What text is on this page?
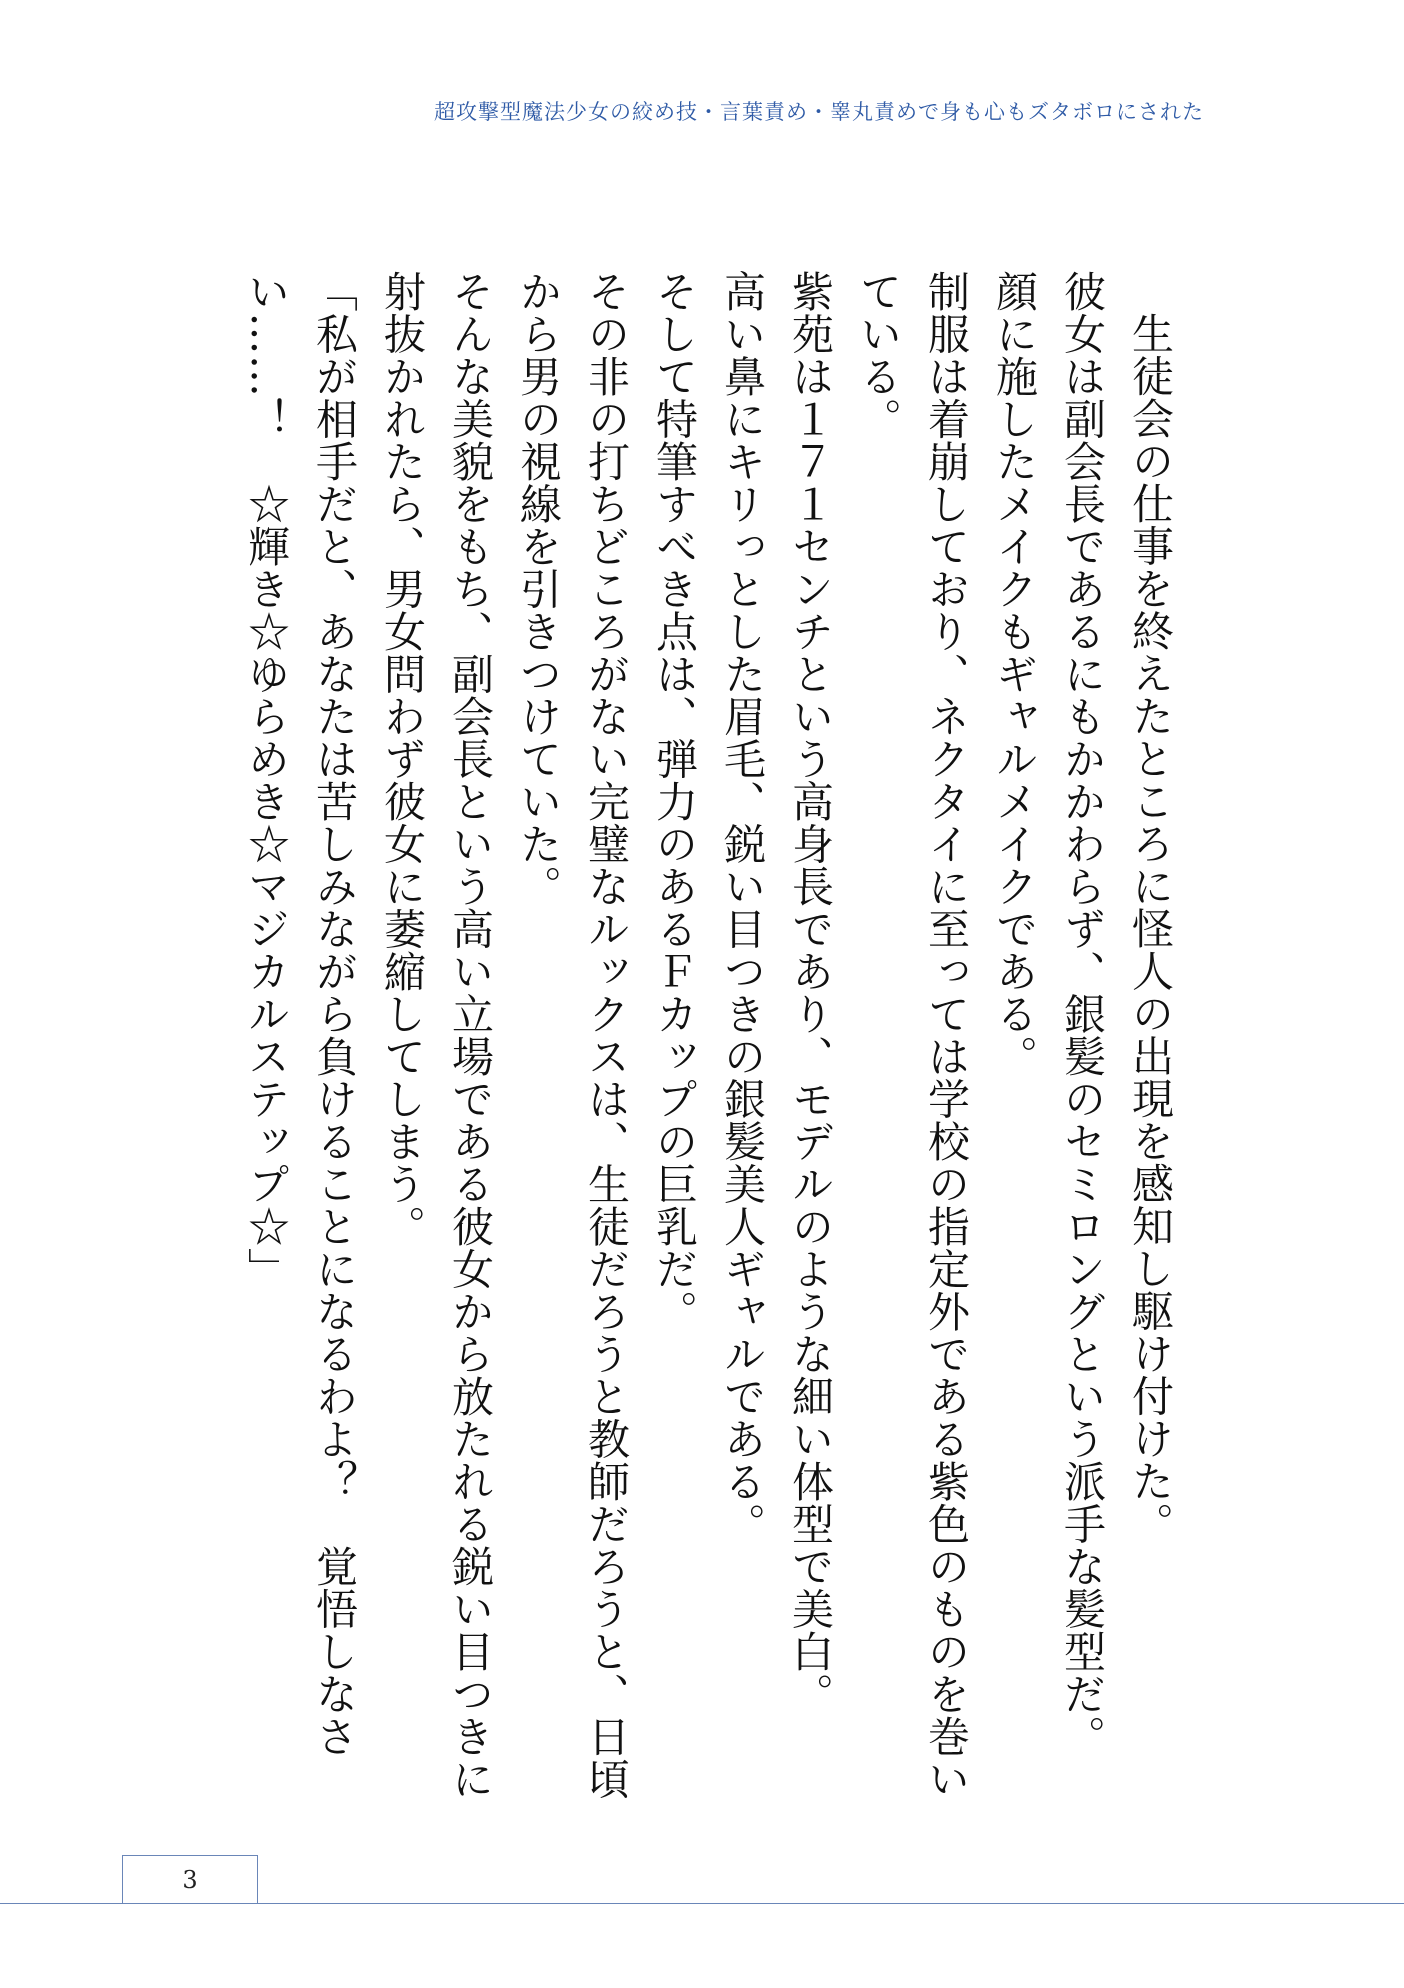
超攻撃型魔法少女の絞め技・言葉責め・睾丸責めで身も心もズタボロにされた

生徒会の仕事を終えたところに怪人の出現を感知し駆け付けた。

彼女は副会長であるにもかかわらず、銀髪のセミロングという派手な髪型だ。

顔に施したメイクもギャルメイクである。

制服は着崩しており、ネクタイに至っては学校の指定外である紫色のものを巻いている。

紫苑は１７１センチという高身長であり、モデルのような細い体型で美白。

高い鼻にキリっとした眉毛、鋭い目つきの銀髪美人ギャルである。

そして特筆すべき点は、弾力のあるＦカップの巨乳だ。

その非の打ちどころがない完璧なルックスは、生徒だろうと教師だろうと、日頃から男の視線を引きつけていた。

そんな美貌をもち、副会長という高い立場である彼女から放たれる鋭い目つきに射抜かれたら、男女問わず彼女に萎縮してしまう。

「私が相手だと、あなたは苦しみながら負けることになるわよ？　覚悟しなさい……！　☆輝き☆ゆらめき☆マジカルステップ☆」

3
